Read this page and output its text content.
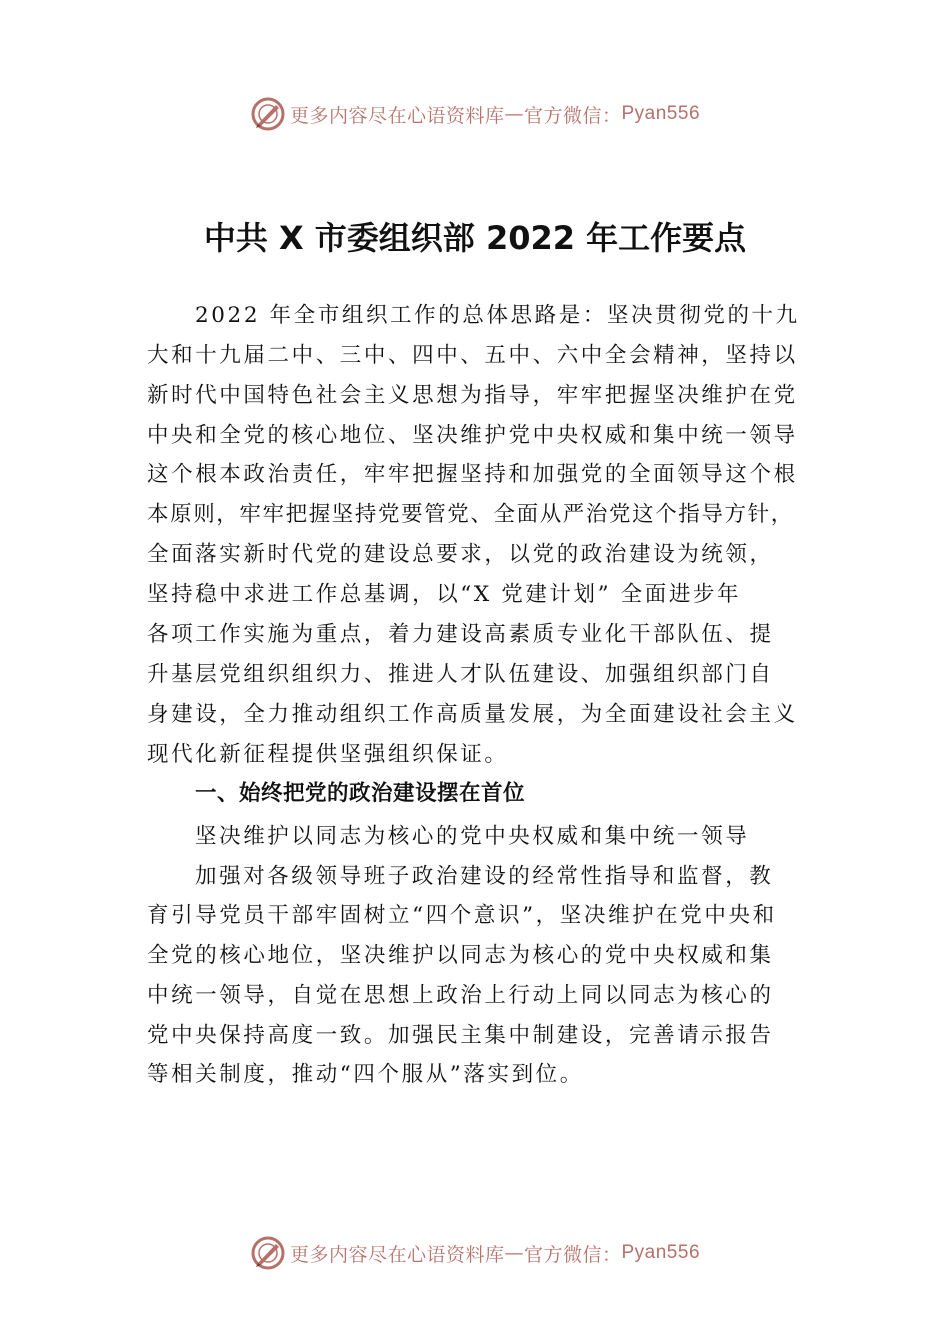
更多内容尽在心语资料库 — 官方微信： Pyan556
中共 X 市委组织部 2022 年工作要点

2022 年全市组织工作的总体思路是：坚决贯彻党的十九

大和十九届二中、三中、四中、五中、六中全会精神，坚持以

新时代中国特色社会主义思想为指导，牢牢把握坚决维护在党

中央和全党的核心地位、坚决维护党中央权威和集中统一领导

这个根本政治责任，牢牢把握坚持和加强党的全面领导这个根

本原则，牢牢把握坚持党要管党、全面从严治党这个指导方针，

全面落实新时代党的建设总要求，以党的政治建设为统领，

坚持稳中求进工作总基调，以“X 党建计划” 全面进步年

各项工作实施为重点，着力建设高素质专业化干部队伍、提

升基层党组织组织力、推进人才队伍建设、加强组织部门自

身建设，全力推动组织工作高质量发展，为全面建设社会主义

现代化新征程提供坚强组织保证。

一、始终把党的政治建设摆在首位

坚决维护以同志为核心的党中央权威和集中统一领导

加强对各级领导班子政治建设的经常性指导和监督，教

育引导党员干部牢固树立“四个意识”，坚决维护在党中央和

全党的核心地位，坚决维护以同志为核心的党中央权威和集

中统一领导，自觉在思想上政治上行动上同以同志为核心的

党中央保持高度一致。加强民主集中制建设，完善请示报告

等相关制度，推动“四个服从”落实到位。

更多内容尽在心语资料库 — 官方微信： Pyan556
